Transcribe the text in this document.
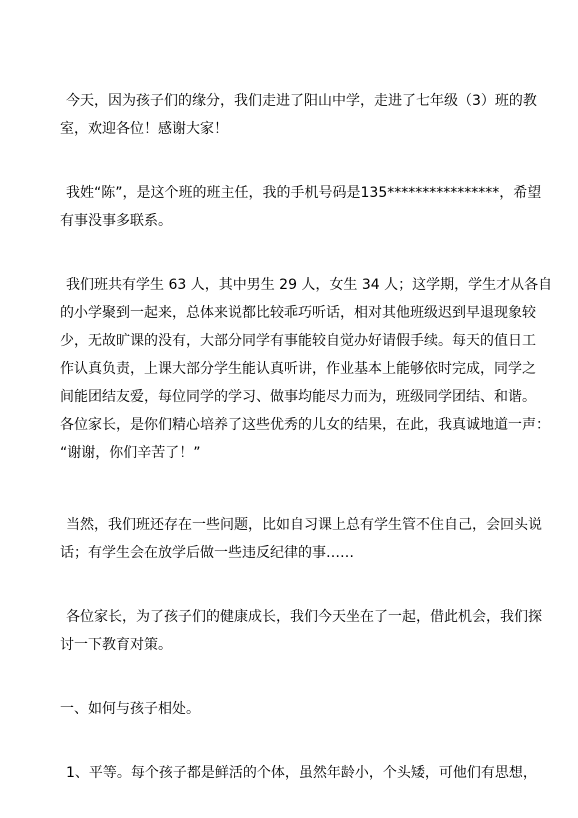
今天，因为孩子们的缘分，我们走进了阳山中学，走进了七年级（3）班的教
室，欢迎各位！感谢大家！
我姓“陈”，是这个班的班主任，我的手机号码是135****************，希望
有事没事多联系。
我们班共有学生 63 人，其中男生 29 人，女生 34 人；这学期，学生才从各自
的小学聚到一起来，总体来说都比较乖巧听话，相对其他班级迟到早退现象较
少，无故旷课的没有，大部分同学有事能较自觉办好请假手续。每天的值日工
作认真负责，上课大部分学生能认真听讲，作业基本上能够依时完成，同学之
间能团结友爱，每位同学的学习、做事均能尽力而为，班级同学团结、和谐。
各位家长，是你们精心培养了这些优秀的儿女的结果，在此，我真诚地道一声：
“谢谢，你们辛苦了！”
当然，我们班还存在一些问题，比如自习课上总有学生管不住自己，会回头说
话；有学生会在放学后做一些违反纪律的事……
各位家长，为了孩子们的健康成长，我们今天坐在了一起，借此机会，我们探
讨一下教育对策。
一、如何与孩子相处。
1、平等。每个孩子都是鲜活的个体，虽然年龄小，个头矮，可他们有思想，
